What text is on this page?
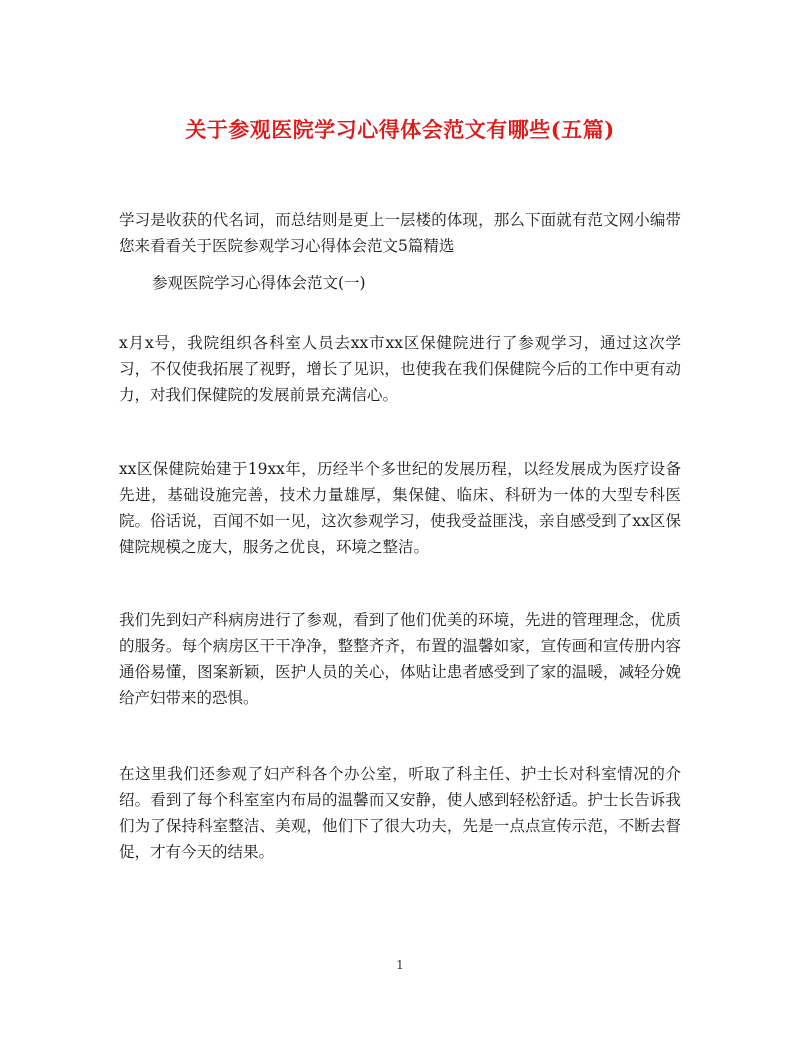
关于参观医院学习心得体会范文有哪些(五篇)

学习是收获的代名词，而总结则是更上一层楼的体现，那么下面就有范文网小编带您来看看关于医院参观学习心得体会范文5篇精选

参观医院学习心得体会范文(一)

x月x号，我院组织各科室人员去xx市xx区保健院进行了参观学习，通过这次学习，不仅使我拓展了视野，增长了见识，也使我在我们保健院今后的工作中更有动力，对我们保健院的发展前景充满信心。

xx区保健院始建于19xx年，历经半个多世纪的发展历程，以经发展成为医疗设备先进，基础设施完善，技术力量雄厚，集保健、临床、科研为一体的大型专科医院。俗话说，百闻不如一见，这次参观学习，使我受益匪浅，亲自感受到了xx区保健院规模之庞大，服务之优良，环境之整洁。

我们先到妇产科病房进行了参观，看到了他们优美的环境，先进的管理理念，优质的服务。每个病房区干干净净，整整齐齐，布置的温馨如家，宣传画和宣传册内容通俗易懂，图案新颖，医护人员的关心，体贴让患者感受到了家的温暖，减轻分娩给产妇带来的恐惧。

在这里我们还参观了妇产科各个办公室，听取了科主任、护士长对科室情况的介绍。看到了每个科室室内布局的温馨而又安静，使人感到轻松舒适。护士长告诉我们为了保持科室整洁、美观，他们下了很大功夫，先是一点点宣传示范，不断去督促，才有今天的结果。

1
